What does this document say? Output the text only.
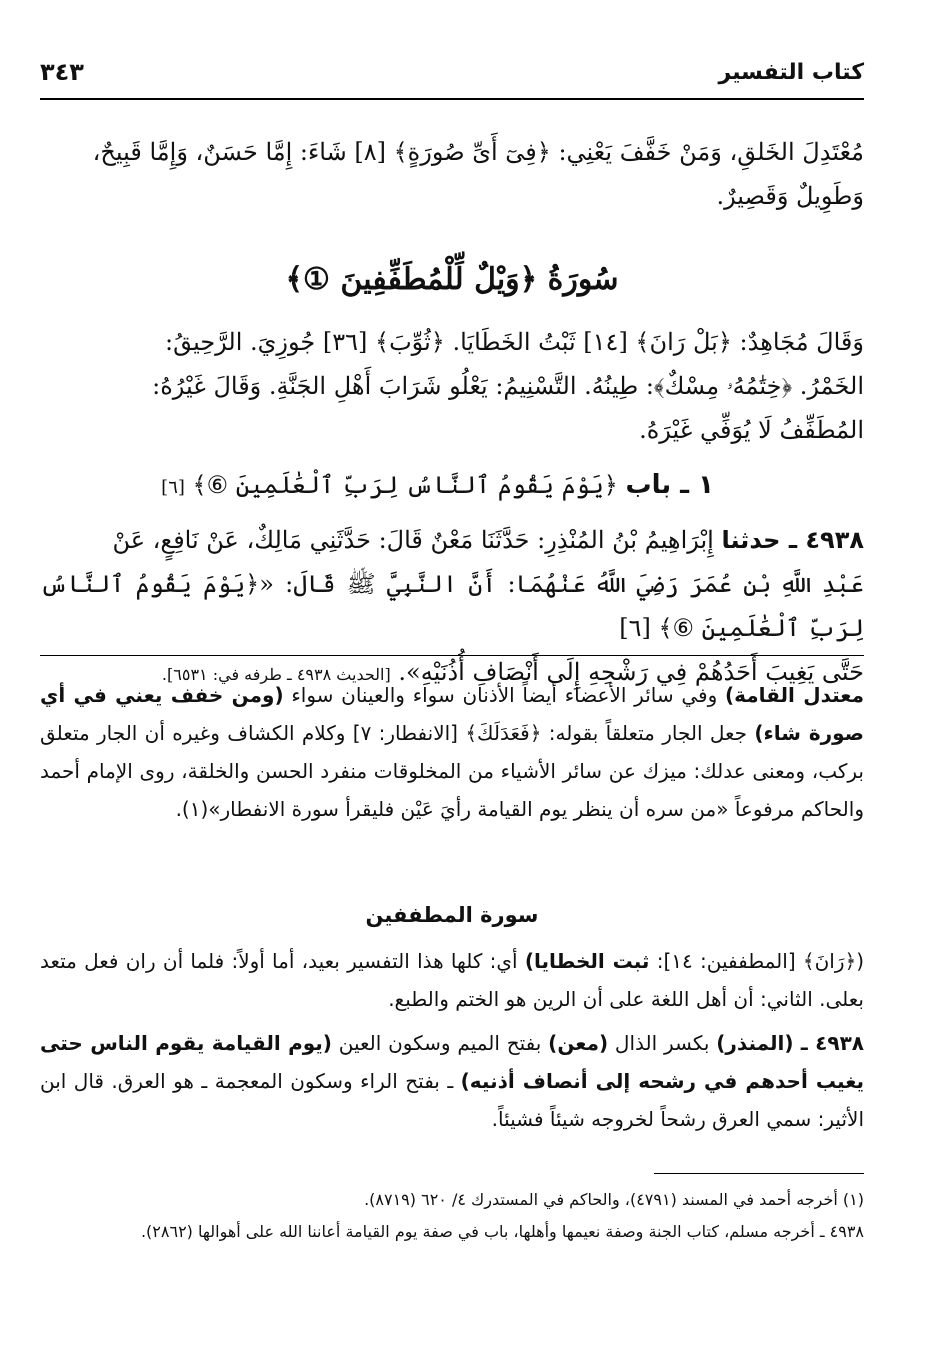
كتاب التفسير
٣٤٣

مُعْتَدِلَ الخَلقِ، وَمَنْ خَفَّفَ يَعْنِي: ﴿فِىٓ أَىِّ صُورَةٍ﴾ [٨] شَاءَ: إِمَّا حَسَنٌ، وَإِمَّا قَبِيحٌ،

وَطَوِيلٌ وَقَصِيرٌ.

سُورَةُ ﴿وَيْلٌ لِّلْمُطَفِّفِينَ ①﴾

وَقَالَ مُجَاهِدٌ: ﴿بَلْ رَانَ﴾ [١٤] ثَبْتُ الخَطَايَا. ﴿ثُوِّبَ﴾ [٣٦] جُوزِيَ. الرَّحِيقُ:

الخَمْرُ. ﴿خِتَٰمُهُۥ مِسْكٌ﴾: طِينُهُ. التَّسْنِيمُ: يَعْلُو شَرَابَ أَهْلِ الجَنَّةِ. وَقَالَ غَيْرُهُ:

المُطَفِّفُ لَا يُوَفِّي غَيْرَهُ.

١ ـ باب ﴿يَوْمَ يَقُومُ ٱلنَّاسُ لِرَبِّ ٱلْعَٰلَمِينَ ⑥﴾ [٦]
٤٩٣٨ ـ حدثنا إِبْرَاهِيمُ بْنُ المُنْذِرِ: حَدَّثَنَا مَعْنٌ قَالَ: حَدَّثَنِي مَالِكٌ، عَنْ نَافِعٍ، عَنْ
عَبْدِ اللَّهِ بْنِ عُمَرَ رَضِيَ اللَّهُ عَنْهُمَا: أَنَّ النَّبِيَّ ﷺ قَالَ: «﴿يَوْمَ يَقُومُ ٱلنَّاسُ لِرَبِّ ٱلْعَٰلَمِينَ ⑥﴾ [٦]
حَتَّى يَغِيبَ أَحَدُهُمْ فِي رَشْحِهِ إِلَى أَنْصَافِ أُذُنَيْهِ». [الحديث ٤٩٣٨ ـ طرفه في: ٦٥٣١].

معتدل القامة) وفي سائر الأعضاء أيضاً الأذنان سواء والعينان سواء (ومن خفف يعني في أي صورة شاء) جعل الجار متعلقاً بقوله: ﴿فَعَدَلَكَ﴾ [الانفطار: ٧] وكلام الكشاف وغيره أن الجار متعلق بركب، ومعنى عدلك: ميزك عن سائر الأشياء من المخلوقات منفرد الحسن والخلقة، روى الإمام أحمد والحاكم مرفوعاً «من سره أن ينظر يوم القيامة رأيَ عَيْن فليقرأ سورة الانفطار»(١).

سورة المطففين

(﴿رَانَ﴾ [المطففين: ١٤]: ثبت الخطايا) أي: كلها هذا التفسير بعيد، أما أولاً: فلما أن ران فعل متعد بعلى. الثاني: أن أهل اللغة على أن الرين هو الختم والطبع.

٤٩٣٨ ـ (المنذر) بكسر الذال (معن) بفتح الميم وسكون العين (يوم القيامة يقوم الناس حتى يغيب أحدهم في رشحه إلى أنصاف أذنيه) ـ بفتح الراء وسكون المعجمة ـ هو العرق. قال ابن الأثير: سمي العرق رشحاً لخروجه شيئاً فشيئاً.

(١) أخرجه أحمد في المسند (٤٧٩١)، والحاكم في المستدرك ٤/ ٦٢٠ (٨٧١٩).

٤٩٣٨ ـ أخرجه مسلم، كتاب الجنة وصفة نعيمها وأهلها، باب في صفة يوم القيامة أعاننا الله على أهوالها (٢٨٦٢).
